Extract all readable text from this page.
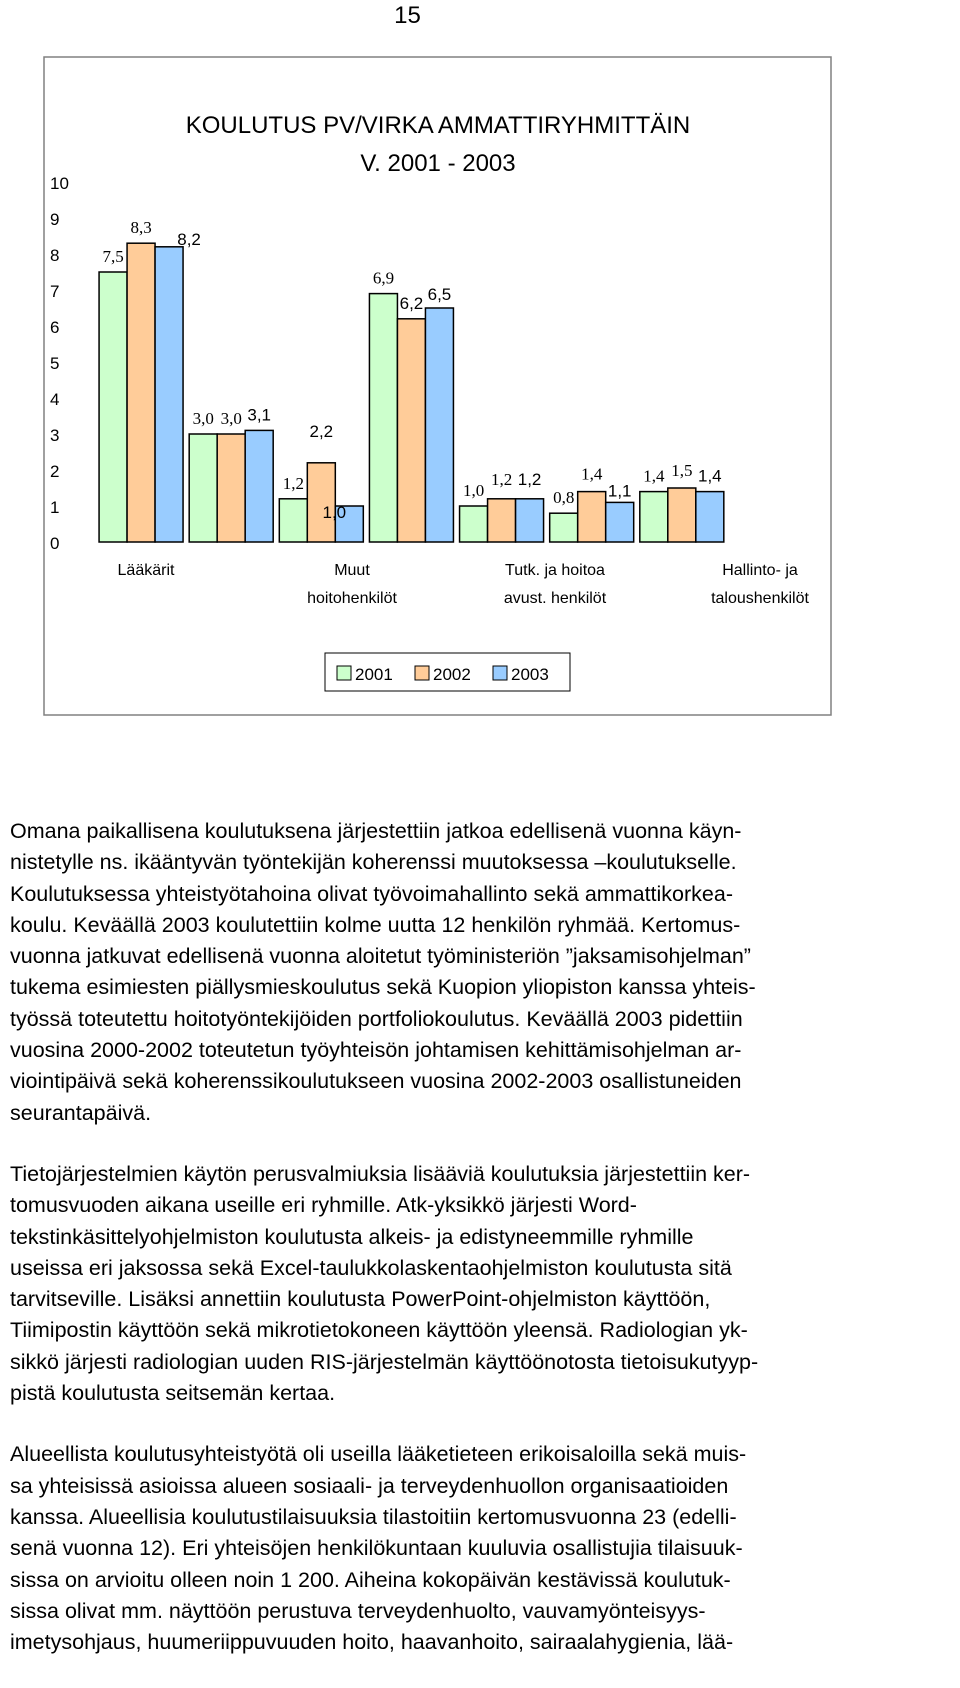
15
0
1
2
3
4
5
6
7
8
9
10
KOULUTUS PV/VIRKA AMMATTIRYHMITTÄIN
V. 2001 - 2003
7,5
8,3
8,2
3,0 3,0 3,1
1,2
2,2
1,0
6,9
6,2 6,5
1,0
1,2 1,2
0,8
1,4
1,1
1,4 1,5 1,4
Lääkärit	Muut
hoitohenkilöt
Tutk. ja hoitoa
avust. henkilöt
Hallinto- ja
taloushenkilöt
2001 2002 2003

Omana paikallisena koulutuksena järjestettiin jatkoa edellisenä vuonna käyn-
nistetylle ns. ikääntyvän työntekijän koherenssi muutoksessa –koulutukselle.
Koulutuksessa yhteistyötahoina olivat työvoimahallinto sekä ammattikorkea-
koulu. Keväällä 2003 koulutettiin kolme uutta 12 henkilön ryhmää. Kertomus-
vuonna jatkuvat edellisenä vuonna aloitetut työministeriön ”jaksamisohjelman”
tukema esimiesten piällysmieskoulutus sekä Kuopion yliopiston kanssa yhteis-
työssä toteutettu hoitotyöntekijöiden portfoliokoulutus. Keväällä 2003 pidettiin
vuosina 2000-2002 toteutetun työyhteisön johtamisen kehittämisohjelman ar-
viointipäivä sekä koherenssikoulutukseen vuosina 2002-2003 osallistuneiden
seurantapäivä.

Tietojärjestelmien käytön perusvalmiuksia lisääviä koulutuksia järjestettiin ker-
tomusvuoden aikana useille eri ryhmille. Atk-yksikkö järjesti Word-
tekstinkäsittelyohjelmiston koulutusta alkeis- ja edistyneemmille ryhmille
useissa eri jaksossa sekä Excel-taulukkolaskentaohjelmiston koulutusta sitä
tarvitseville. Lisäksi annettiin koulutusta PowerPoint-ohjelmiston käyttöön,
Tiimipostin käyttöön sekä mikrotietokoneen käyttöön yleensä. Radiologian yk-
sikkö järjesti radiologian uuden RIS-järjestelmän käyttöönotosta tietoisukutyyp-
pistä koulutusta seitsemän kertaa.

Alueellista koulutusyhteistyötä oli useilla lääketieteen erikoisaloilla sekä muis-
sa yhteisissä asioissa alueen sosiaali- ja terveydenhuollon organisaatioiden
kanssa. Alueellisia koulutustilaisuuksia tilastoitiin kertomusvuonna 23 (edelli-
senä vuonna 12). Eri yhteisöjen henkilökuntaan kuuluvia osallistujia tilaisuuk-
sissa on arvioitu olleen noin 1 200. Aiheina kokopäivän kestävissä koulutuk-
sissa olivat mm. näyttöön perustuva terveydenhuolto, vauvamyönteisyys-
imetysohjaus, huumeriippuvuuden hoito, haavanhoito, sairaalahygienia, lää-
